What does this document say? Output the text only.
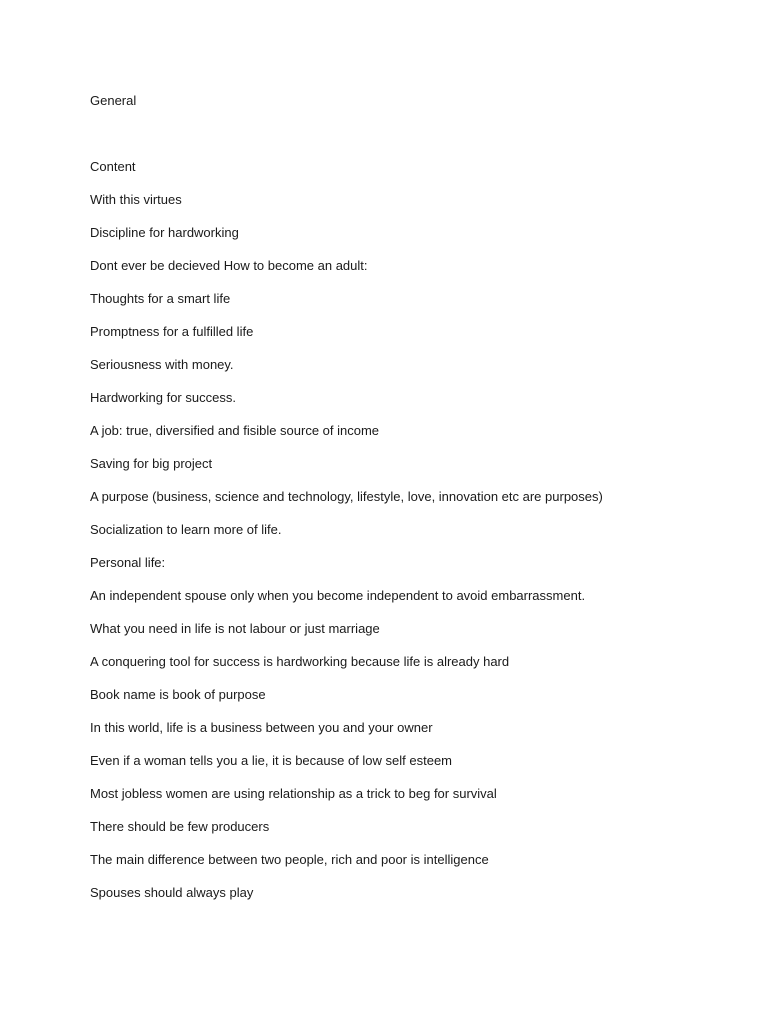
General
Content
With this virtues
Discipline for hardworking
Dont ever be decieved How to become an adult:
Thoughts for a smart life
Promptness for a fulfilled life
Seriousness with money.
Hardworking for success.
A job: true, diversified and fisible source of income
Saving for big project
A purpose (business, science and technology, lifestyle, love, innovation etc are purposes)
Socialization to learn more of life.
Personal life:
An independent spouse only when you become independent to avoid embarrassment.
What you need in life is not labour or just marriage
A conquering tool for success is hardworking because life is already hard
Book name is book of purpose
In this world, life is a business between you and your owner
Even if a woman tells you a lie, it is because of low self esteem
Most jobless women are using relationship as a trick to beg for survival
There should be few producers
The main difference between two people, rich and poor is intelligence
Spouses should always play
